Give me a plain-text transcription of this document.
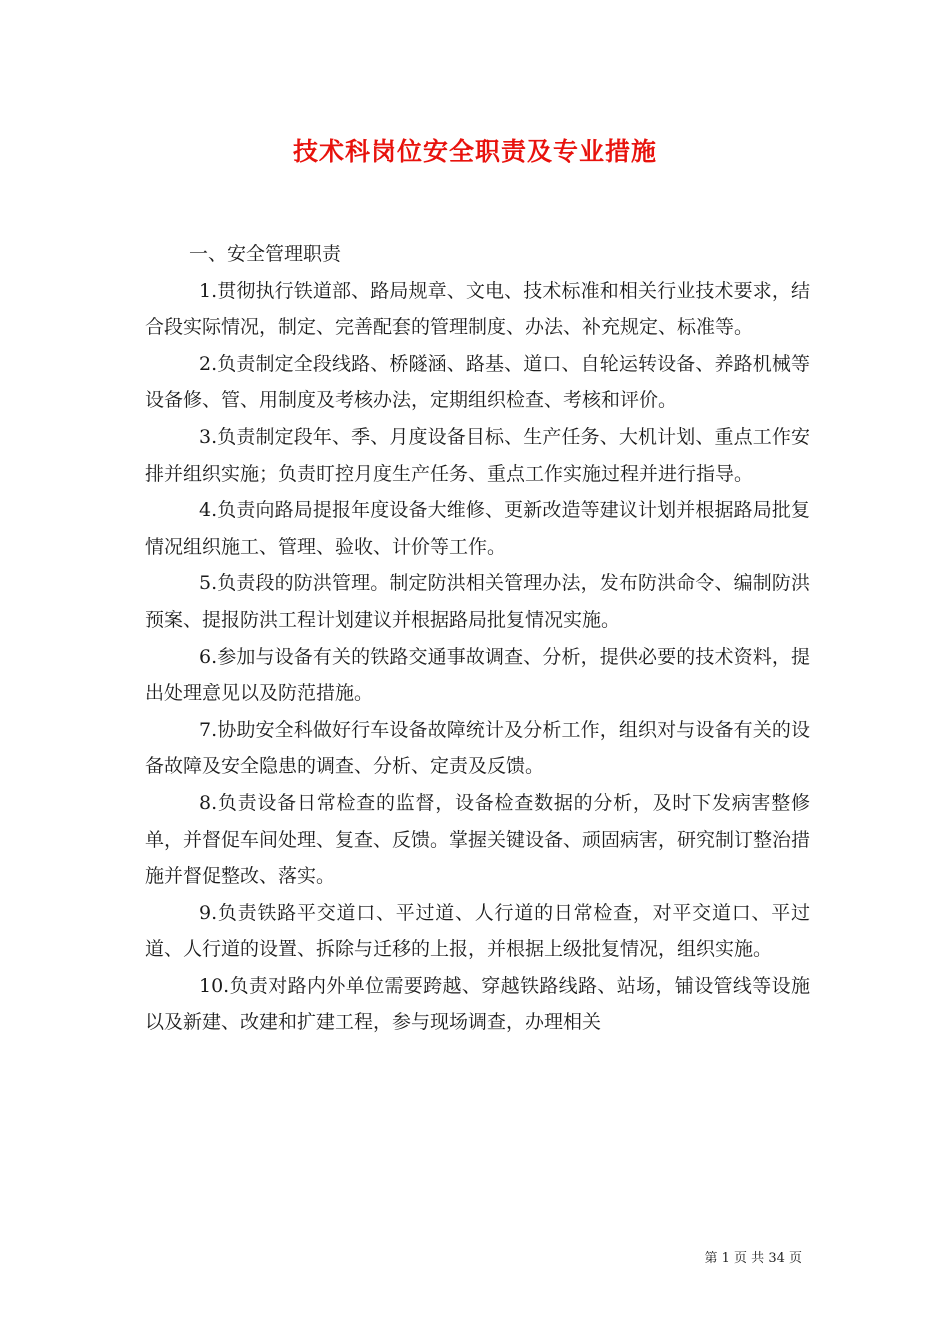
技术科岗位安全职责及专业措施

一、安全管理职责

1.贯彻执行铁道部、路局规章、文电、技术标准和相关行业技术要求，结合段实际情况，制定、完善配套的管理制度、办法、补充规定、标准等。

2.负责制定全段线路、桥隧涵、路基、道口、自轮运转设备、养路机械等设备修、管、用制度及考核办法，定期组织检查、考核和评价。

3.负责制定段年、季、月度设备目标、生产任务、大机计划、重点工作安排并组织实施；负责盯控月度生产任务、重点工作实施过程并进行指导。

4.负责向路局提报年度设备大维修、更新改造等建议计划并根据路局批复情况组织施工、管理、验收、计价等工作。

5.负责段的防洪管理。制定防洪相关管理办法，发布防洪命令、编制防洪预案、提报防洪工程计划建议并根据路局批复情况实施。

6.参加与设备有关的铁路交通事故调查、分析，提供必要的技术资料，提出处理意见以及防范措施。

7.协助安全科做好行车设备故障统计及分析工作，组织对与设备有关的设备故障及安全隐患的调查、分析、定责及反馈。

8.负责设备日常检查的监督，设备检查数据的分析，及时下发病害整修单，并督促车间处理、复查、反馈。掌握关键设备、顽固病害，研究制订整治措施并督促整改、落实。

9.负责铁路平交道口、平过道、人行道的日常检查，对平交道口、平过道、人行道的设置、拆除与迁移的上报，并根据上级批复情况，组织实施。

10.负责对路内外单位需要跨越、穿越铁路线路、站场，铺设管线等设施以及新建、改建和扩建工程，参与现场调查，办理相关

第 1 页 共 34 页
